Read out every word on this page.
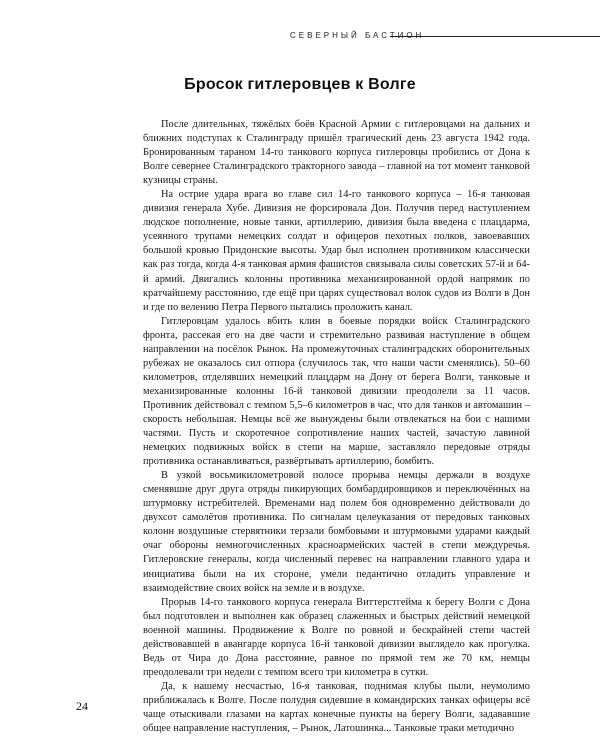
СЕВЕРНЫЙ БАСТИОН
Бросок гитлеровцев к Волге

После длительных, тяжёлых боёв Красной Армии с гитлеровцами на дальних и ближних подступах к Сталинграду пришёл трагический день 23 августа 1942 года. Бронированным тараном 14-го танкового корпуса гитлеровцы пробились от Дона к Волге севернее Сталинградского тракторного завода – главной на тот момент танковой кузницы страны.

На острие удара врага во главе сил 14-го танкового корпуса – 16-я танковая дивизия генерала Хубе. Дивизия не форсировала Дон. Получив перед наступлением людское пополнение, новые танки, артиллерию, дивизия была введена с плацдарма, усеянного трупами немецких солдат и офицеров пехотных полков, завоевавших большой кровью Придонские высоты. Удар был исполнен противником классически как раз тогда, когда 4-я танковая армия фашистов связывала силы советских 57-й и 64-й армий. Двигались колонны противника механизированной ордой напрямик по кратчайшему расстоянию, где ещё при царях существовал волок судов из Волги в Дон и где по велению Петра Первого пытались проложить канал.

Гитлеровцам удалось вбить клин в боевые порядки войск Сталинградского фронта, рассекая его на две части и стремительно развивая наступление в общем направлении на посёлок Рынок. На промежуточных сталинградских оборонительных рубежах не оказалось сил отпора (случилось так, что наши части сменялись). 50–60 километров, отделявших немецкий плацдарм на Дону от берега Волги, танковые и механизированные колонны 16-й танковой дивизии преодолели за 11 часов. Противник действовал с темпом 5,5–6 километров в час, что для танков и автомашин – скорость небольшая. Немцы всё же вынуждены были отвлекаться на бои с нашими частями. Пусть и скоротечное сопротивление наших частей, зачастую лавиной немецких подвижных войск в степи на марше, заставляло передовые отряды противника останавливаться, развёртывать артиллерию, бомбить.

В узкой восьмикилометровой полосе прорыва немцы держали в воздухе сменявшие друг друга отряды пикирующих бомбардировщиков и переключённых на штурмовку истребителей. Временами над полем боя одновременно действовали до двухсот самолётов противника. По сигналам целеуказания от передовых танковых колонн воздушные стервятники терзали бомбовыми и штурмовыми ударами каждый очаг обороны немногочисленных красноармейских частей в степи междуречья. Гитлеровские генералы, когда численный перевес на направлении главного удара и инициатива были на их стороне, умели педантично отладить управление и взаимодействие своих войск на земле и в воздухе.

Прорыв 14-го танкового корпуса генерала Виттерстгейма к берегу Волги с Дона был подготовлен и выполнен как образец слаженных и быстрых действий немецкой военной машины. Продвижение к Волге по ровной и бескрайней степи частей действовавшей в авангарде корпуса 16-й танковой дивизии выглядело как прогулка. Ведь от Чира до Дона расстояние, равное по прямой тем же 70 км, немцы преодолевали три недели с темпом всего три километра в сутки.

Да, к нашему несчастью, 16-я танковая, поднимая клубы пыли, неумолимо приближалась к Волге. После полудня сидевшие в командирских танках офицеры всё чаще отыскивали глазами на картах конечные пункты на берегу Волги, задававшие общее направление наступления, – Рынок, Латошинка... Танковые траки методично

24
